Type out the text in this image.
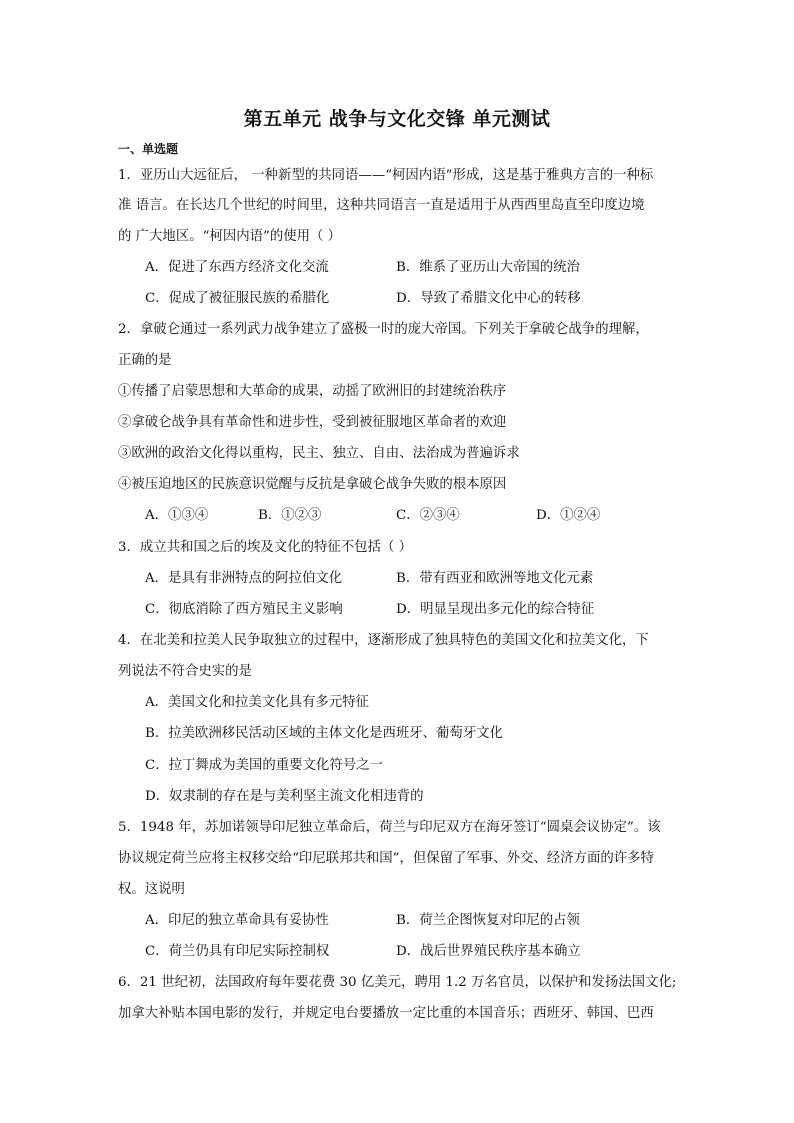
第五单元 战争与文化交锋 单元测试
一、单选题
1．亚历山大远征后， 一种新型的共同语——“柯因内语”形成，这是基于雅典方言的一种标
准 语言。在长达几个世纪的时间里，这种共同语言一直是适用于从西西里岛直至印度边境
的 广大地区。“柯因内语”的使用（ ）
A．促进了东西方经济文化交流	B．维系了亚历山大帝国的统治
C．促成了被征服民族的希腊化	D．导致了希腊文化中心的转移
2．拿破仑通过一系列武力战争建立了盛极一时的庞大帝国。下列关于拿破仑战争的理解，
正确的是
①传播了启蒙思想和大革命的成果，动摇了欧洲旧的封建统治秩序
②拿破仑战争具有革命性和进步性，受到被征服地区革命者的欢迎
③欧洲的政治文化得以重构，民主、独立、自由、法治成为普遍诉求
④被压迫地区的民族意识觉醒与反抗是拿破仑战争失败的根本原因
A．①③④	B．①②③	C．②③④	D．①②④
3．成立共和国之后的埃及文化的特征不包括（ ）
A．是具有非洲特点的阿拉伯文化	B．带有西亚和欧洲等地文化元素
C．彻底消除了西方殖民主义影响	D．明显呈现出多元化的综合特征
4．在北美和拉美人民争取独立的过程中，逐渐形成了独具特色的美国文化和拉美文化，下
列说法不符合史实的是
A．美国文化和拉美文化具有多元特征
B．拉美欧洲移民活动区域的主体文化是西班牙、葡萄牙文化
C．拉丁舞成为美国的重要文化符号之一
D．奴隶制的存在是与美利坚主流文化相违背的
5．1948 年，苏加诺领导印尼独立革命后，荷兰与印尼双方在海牙签订“圆桌会议协定”。该
协议规定荷兰应将主权移交给“印尼联邦共和国”，但保留了军事、外交、经济方面的许多特
权。这说明
A．印尼的独立革命具有妥协性	B．荷兰企图恢复对印尼的占领
C．荷兰仍具有印尼实际控制权	D．战后世界殖民秩序基本确立
6．21 世纪初，法国政府每年要花费 30 亿美元，聘用 1.2 万名官员，以保护和发扬法国文化;
加拿大补贴本国电影的发行，并规定电台要播放一定比重的本国音乐；西班牙、韩国、巴西
